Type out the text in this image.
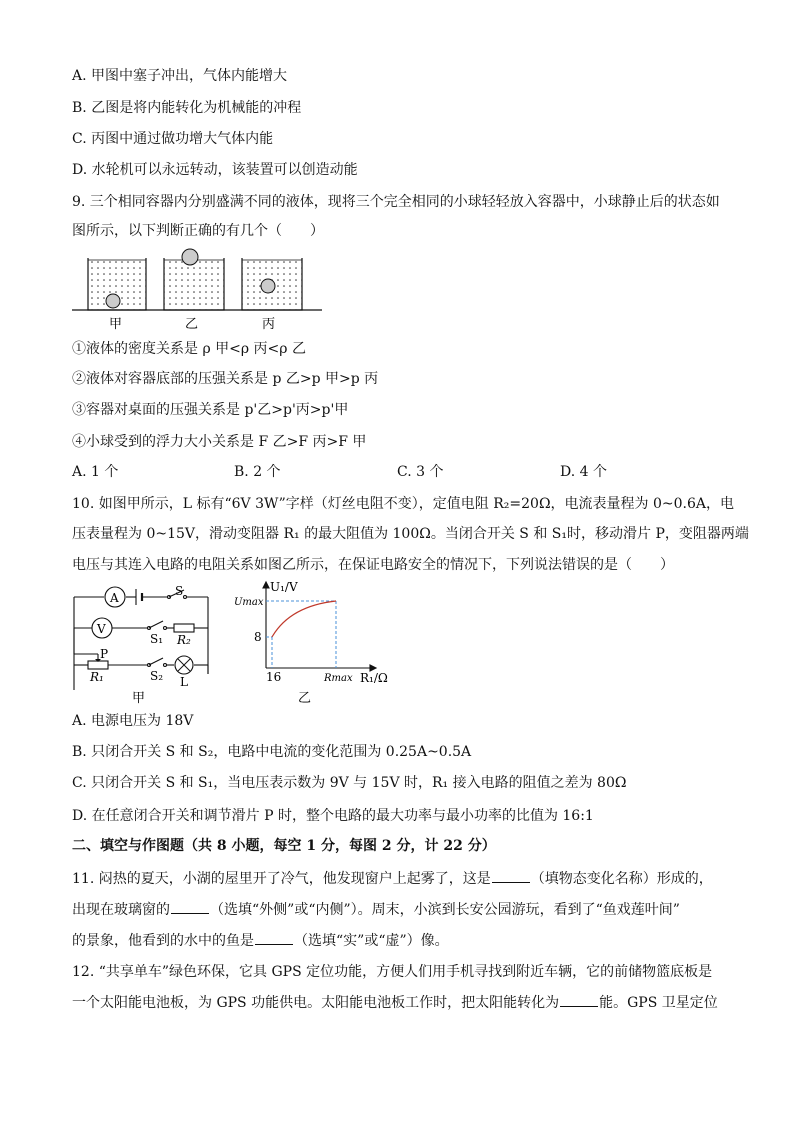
A. 甲图中塞子冲出，气体内能增大
B. 乙图是将内能转化为机械能的冲程
C. 丙图中通过做功增大气体内能
D. 水轮机可以永远转动，该装置可以创造动能
9. 三个相同容器内分别盛满不同的液体，现将三个完全相同的小球轻轻放入容器中，小球静止后的状态如
图所示，以下判断正确的有几个（　　）
甲	乙	丙
①液体的密度关系是 ρ 甲<ρ 丙<ρ 乙
②液体对容器底部的压强关系是 p 乙>p 甲>p 丙
③容器对桌面的压强关系是 p'乙>p'丙>p'甲
④小球受到的浮力大小关系是 F 乙>F 丙>F 甲
A. 1 个	B. 2 个	C. 3 个	D. 4 个
10. 如图甲所示，L 标有“6V 3W”字样（灯丝电阻不变），定值电阻 R₂=20Ω，电流表量程为 0~0.6A，电
压表量程为 0~15V，滑动变阻器 R₁ 的最大阻值为 100Ω。当闭合开关 S 和 S₁时，移动滑片 P，变阻器两端
电压与其连入电路的电阻关系如图乙所示，在保证电路安全的情况下，下列说法错误的是（　　）
A
V
S
S₁ R₂
P
R₁	S₂ L
甲
U₁/V
Umax
8
16	Rmax R₁/Ω
乙
A. 电源电压为 18V
B. 只闭合开关 S 和 S₂，电路中电流的变化范围为 0.25A~0.5A
C. 只闭合开关 S 和 S₁，当电压表示数为 9V 与 15V 时，R₁ 接入电路的阻值之差为 80Ω
D. 在任意闭合开关和调节滑片 P 时，整个电路的最大功率与最小功率的比值为 16:1
二、填空与作图题（共 8 小题，每空 1 分，每图 2 分，计 22 分）
11. 闷热的夏天，小湖的屋里开了冷气，他发现窗户上起雾了，这是	（填物态变化名称）形成的，
出现在玻璃窗的	（选填“外侧”或“内侧”）。周末，小滨到长安公园游玩，看到了“鱼戏莲叶间”
的景象，他看到的水中的鱼是	（选填“实”或“虚”）像。
12. “共享单车”绿色环保，它具 GPS 定位功能，方便人们用手机寻找到附近车辆，它的前储物篮底板是
一个太阳能电池板，为 GPS 功能供电。太阳能电池板工作时，把太阳能转化为	能。GPS 卫星定位
